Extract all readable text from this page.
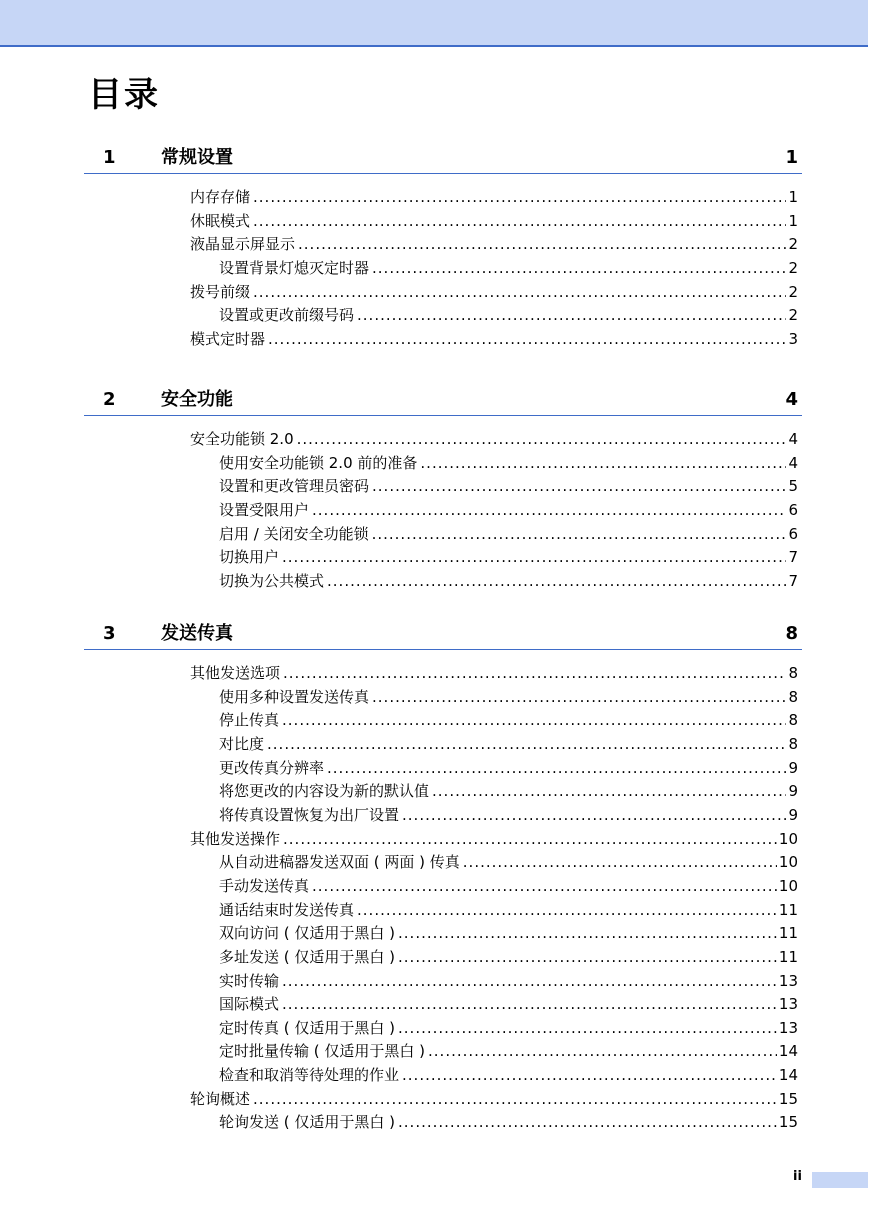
目录
1	常规设置	1
内存存储 .....	1
休眠模式 .....	1
液晶显示屏显示 .....	2
设置背景灯熄灭定时器 .....	2
拨号前缀 .....	2
设置或更改前缀号码 .....	2
模式定时器 .....	3
2	安全功能	4
安全功能锁 2.0 .....	4
使用安全功能锁 2.0 前的准备 .....	4
设置和更改管理员密码 .....	5
设置受限用户 .....	6
启用 / 关闭安全功能锁 .....	6
切换用户 .....	7
切换为公共模式 .....	7
3	发送传真	8
其他发送选项 .....	8
使用多种设置发送传真 .....	8
停止传真 .....	8
对比度 .....	8
更改传真分辨率 .....	9
将您更改的内容设为新的默认值 .....	9
将传真设置恢复为出厂设置 .....	9
其他发送操作 .....	10
从自动进稿器发送双面 ( 两面 ) 传真 .....	10
手动发送传真 .....	10
通话结束时发送传真 .....	11
双向访问 ( 仅适用于黑白 ) .....	11
多址发送 ( 仅适用于黑白 ) .....	11
实时传输 .....	13
国际模式 .....	13
定时传真 ( 仅适用于黑白 ) .....	13
定时批量传输 ( 仅适用于黑白 ) .....	14
检查和取消等待处理的作业 .....	14
轮询概述 .....	15
轮询发送 ( 仅适用于黑白 ) .....	15
ii
